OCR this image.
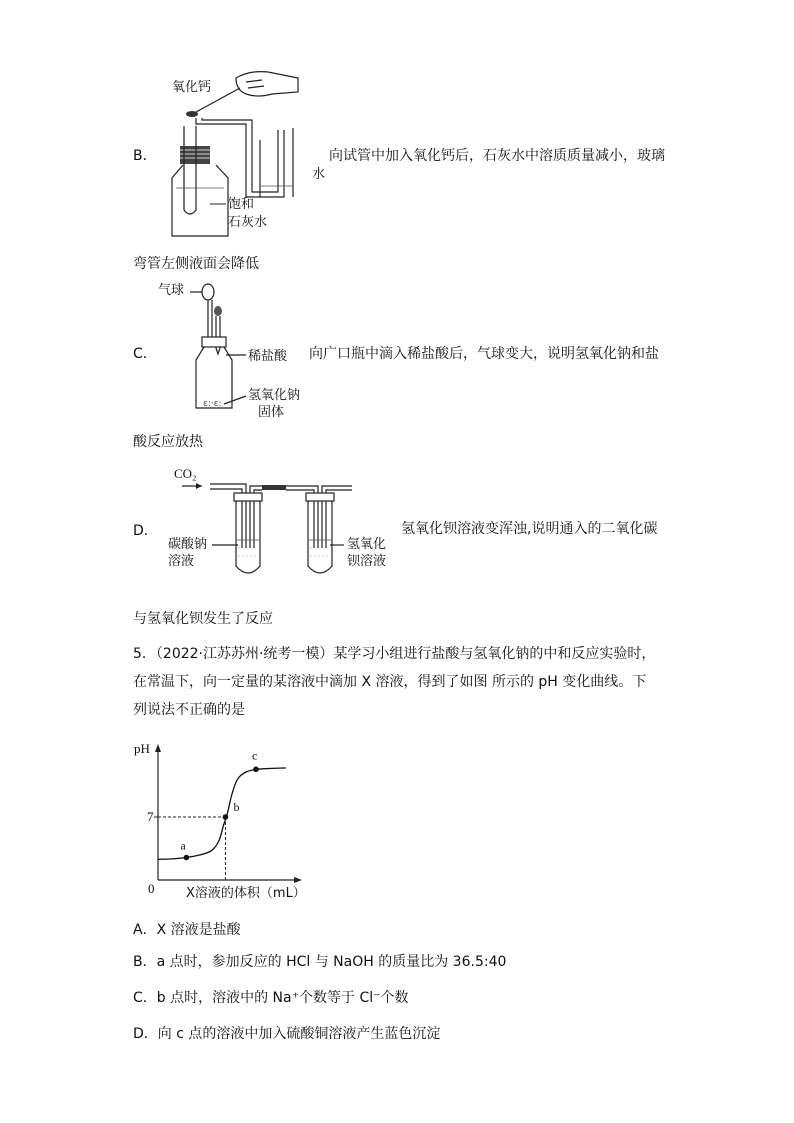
B．
氧化钙
水
饱和
石灰水
向试管中加入氧化钙后，石灰水中溶质质量减小，玻璃
弯管左侧液面会降低
C．
气球
稀盐酸
氢氧化钠
固体
向广口瓶中滴入稀盐酸后，气球变大，说明氢氧化钠和盐
酸反应放热
ε:·ε:
D．
CO₂
碳酸钠
溶液
氢氧化
钡溶液
氢氧化钡溶液变浑浊,说明通入的二氧化碳
与氢氧化钡发生了反应
5．（2022·江苏苏州·统考一模）某学习小组进行盐酸与氢氧化钠的中和反应实验时，
在常温下，向一定量的某溶液中滴加 X 溶液，得到了如图 所示的 pH 变化曲线。下
列说法不正确的是
pH
0 X溶液的体积（mL）
7
a
b
c
A．X 溶液是盐酸
B．a 点时，参加反应的 HCl 与 NaOH 的质量比为 36.5:40
C．b 点时，溶液中的 Na⁺个数等于 Cl⁻个数
D．向 c 点的溶液中加入硫酸铜溶液产生蓝色沉淀
